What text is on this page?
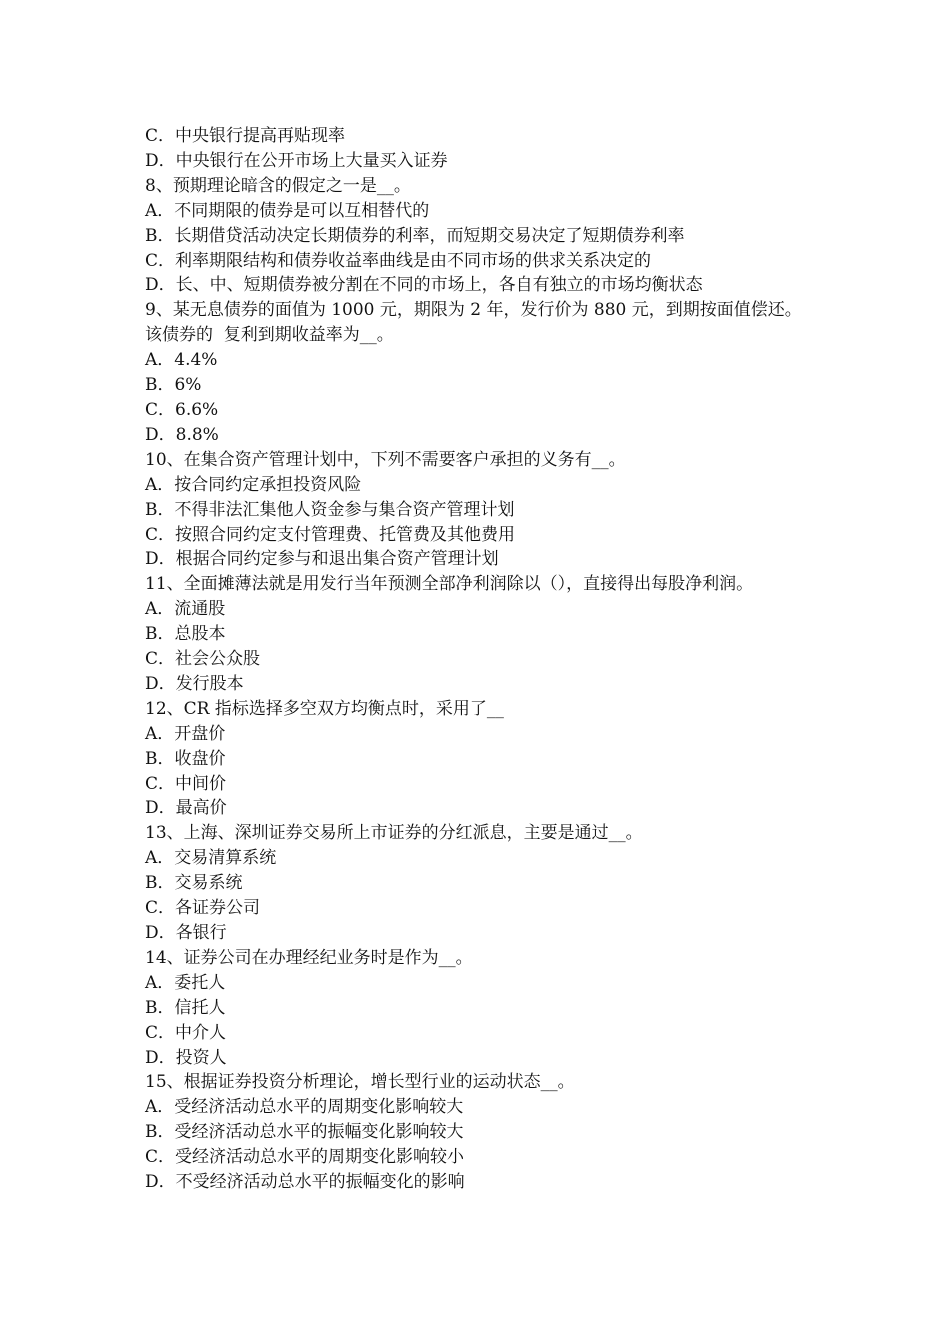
C．中央银行提高再贴现率
D．中央银行在公开市场上大量买入证券
8、预期理论暗含的假定之一是__。
A．不同期限的债券是可以互相替代的
B．长期借贷活动决定长期债券的利率，而短期交易决定了短期债券利率
C．利率期限结构和债券收益率曲线是由不同市场的供求关系决定的
D．长、中、短期债券被分割在不同的市场上，各自有独立的市场均衡状态
9、某无息债券的面值为 1000 元，期限为 2 年，发行价为 880 元，到期按面值偿还。该债券的  复利到期收益率为__。
A．4.4%
B．6%
C．6.6%
D．8.8%
10、在集合资产管理计划中，下列不需要客户承担的义务有__。
A．按合同约定承担投资风险
B．不得非法汇集他人资金参与集合资产管理计划
C．按照合同约定支付管理费、托管费及其他费用
D．根据合同约定参与和退出集合资产管理计划
11、全面摊薄法就是用发行当年预测全部净利润除以（），直接得出每股净利润。
A．流通股
B．总股本
C．社会公众股
D．发行股本
12、CR 指标选择多空双方均衡点时，采用了__
A．开盘价
B．收盘价
C．中间价
D．最高价
13、上海、深圳证券交易所上市证券的分红派息，主要是通过__。
A．交易清算系统
B．交易系统
C．各证券公司
D．各银行
14、证券公司在办理经纪业务时是作为__。
A．委托人
B．信托人
C．中介人
D．投资人
15、根据证券投资分析理论，增长型行业的运动状态__。
A．受经济活动总水平的周期变化影响较大
B．受经济活动总水平的振幅变化影响较大
C．受经济活动总水平的周期变化影响较小
D．不受经济活动总水平的振幅变化的影响
